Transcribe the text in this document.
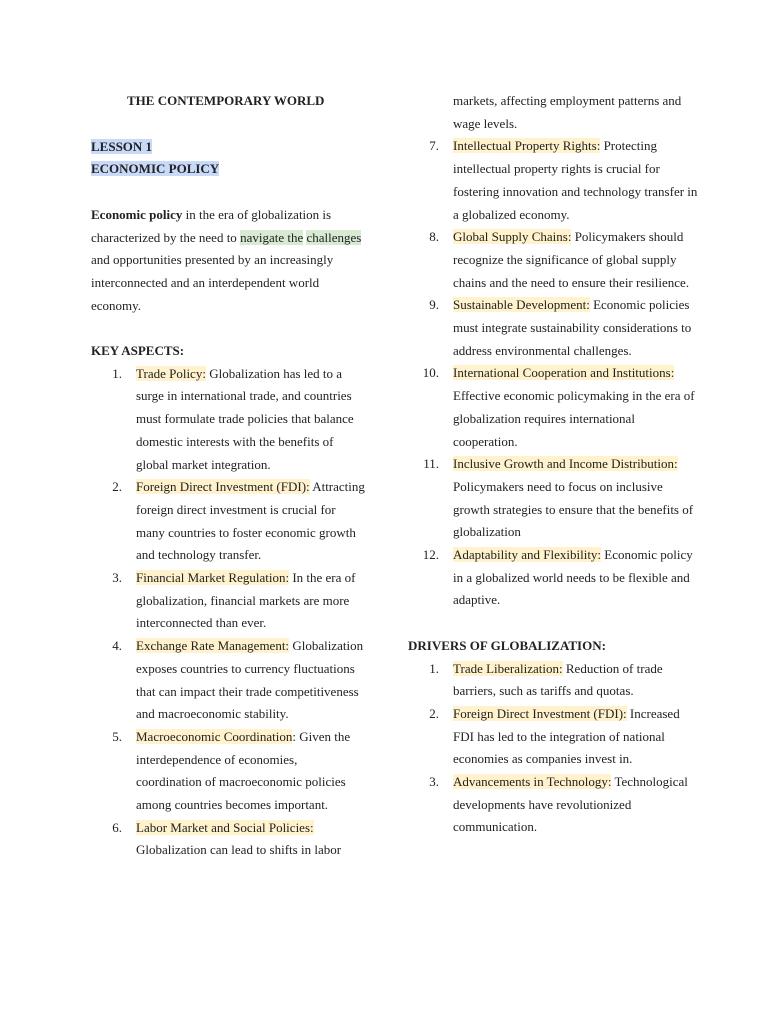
THE CONTEMPORARY WORLD

LESSON 1

ECONOMIC POLICY

Economic policy in the era of globalization is characterized by the need to navigate the challenges and opportunities presented by an increasingly interconnected and an interdependent world economy.

KEY ASPECTS:

1. Trade Policy: Globalization has led to a surge in international trade, and countries must formulate trade policies that balance domestic interests with the benefits of global market integration.
2. Foreign Direct Investment (FDI): Attracting foreign direct investment is crucial for many countries to foster economic growth and technology transfer.
3. Financial Market Regulation: In the era of globalization, financial markets are more interconnected than ever.
4. Exchange Rate Management: Globalization exposes countries to currency fluctuations that can impact their trade competitiveness and macroeconomic stability.
5. Macroeconomic Coordination: Given the interdependence of economies, coordination of macroeconomic policies among countries becomes important.
6. Labor Market and Social Policies: Globalization can lead to shifts in labor

markets, affecting employment patterns and wage levels.

7. Intellectual Property Rights: Protecting intellectual property rights is crucial for fostering innovation and technology transfer in a globalized economy.
8. Global Supply Chains: Policymakers should recognize the significance of global supply chains and the need to ensure their resilience.
9. Sustainable Development: Economic policies must integrate sustainability considerations to address environmental challenges.
10. International Cooperation and Institutions: Effective economic policymaking in the era of globalization requires international cooperation.
11. Inclusive Growth and Income Distribution: Policymakers need to focus on inclusive growth strategies to ensure that the benefits of globalization
12. Adaptability and Flexibility: Economic policy in a globalized world needs to be flexible and adaptive.

DRIVERS OF GLOBALIZATION:

1. Trade Liberalization: Reduction of trade barriers, such as tariffs and quotas.
2. Foreign Direct Investment (FDI): Increased FDI has led to the integration of national economies as companies invest in.
3. Advancements in Technology: Technological developments have revolutionized communication.
